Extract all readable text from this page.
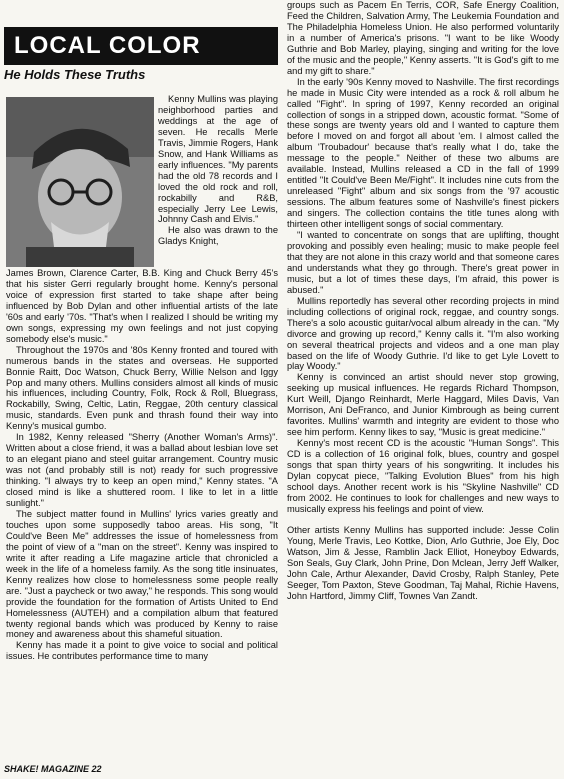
LOCAL COLOR
He Holds These Truths

Kenny Mullins was playing neighborhood parties and weddings at the age of seven. He recalls Merle Travis, Jimmie Rogers, Hank Snow, and Hank Williams as early influences. "My parents had the old 78 records and I loved the old rock and roll, rockabilly and R&B, especially Jerry Lee Lewis, Johnny Cash and Elvis."

He also was drawn to the Gladys Knight,

James Brown, Clarence Carter, B.B. King and Chuck Berry 45's that his sister Gerri regularly brought home. Kenny's personal voice of expression first started to take shape after being influenced by Bob Dylan and other influential artists of the late '60s and early '70s. "That's when I realized I should be writing my own songs, expressing my own feelings and not just copying somebody else's music."

Throughout the 1970s and '80s Kenny fronted and toured with numerous bands in the states and overseas. He supported Bonnie Raitt, Doc Watson, Chuck Berry, Willie Nelson and Iggy Pop and many others. Mullins considers almost all kinds of music his influences, including Country, Folk, Rock & Roll, Bluegrass, Rockabilly, Swing, Celtic, Latin, Reggae, 20th century classical music, standards. Even punk and thrash found their way into Kenny's musical gumbo.

In 1982, Kenny released "Sherry (Another Woman's Arms)". Written about a close friend, it was a ballad about lesbian love set to an elegant piano and steel guitar arrangement. Country music was not (and probably still is not) ready for such progressive thinking. "I always try to keep an open mind," Kenny states. "A closed mind is like a shuttered room. I like to let in a little sunlight."

The subject matter found in Mullins' lyrics varies greatly and touches upon some supposedly taboo areas. His song, "It Could've Been Me" addresses the issue of homelessness from the point of view of a "man on the street". Kenny was inspired to write it after reading a Life magazine article that chronicled a week in the life of a homeless family. As the song title insinuates, Kenny realizes how close to homelessness some people really are. "Just a paycheck or two away," he responds. This song would provide the foundation for the formation of Artists United to End Homelessness (AUTEH) and a compilation album that featured twenty regional bands which was produced by Kenny to raise money and awareness about this shameful situation.

Kenny has made it a point to give voice to social and political issues. He contributes performance time to many

groups such as Pacem En Terris, COR, Safe Energy Coalition, Feed the Children, Salvation Army, The Leukemia Foundation and The Philadelphia Homeless Union. He also performed voluntarily in a number of America's prisons. "I want to be like Woody Guthrie and Bob Marley, playing, singing and writing for the love of the music and the people," Kenny asserts. "It is God's gift to me and my gift to share."

In the early '90s Kenny moved to Nashville. The first recordings he made in Music City were intended as a rock & roll album he called "Fight". In spring of 1997, Kenny recorded an original collection of songs in a stripped down, acoustic format. "Some of these songs are twenty years old and I wanted to capture them before I moved on and forgot all about 'em. I almost called the album 'Troubadour' because that's really what I do, take the message to the people." Neither of these two albums are available. Instead, Mullins released a CD in the fall of 1999 entitled "It Could've Been Me/Fight". It includes nine cuts from the unreleased "Fight" album and six songs from the '97 acoustic sessions. The album features some of Nashville's finest pickers and singers. The collection contains the title tunes along with thirteen other intelligent songs of social commentary.

"I wanted to concentrate on songs that are uplifting, thought provoking and possibly even healing; music to make people feel that they are not alone in this crazy world and that someone cares and understands what they go through. There's great power in music, but a lot of times these days, I'm afraid, this power is abused."

Mullins reportedly has several other recording projects in mind including collections of original rock, reggae, and country songs. There's a solo acoustic guitar/vocal album already in the can. "My divorce and growing up record," Kenny calls it. "I'm also working on several theatrical projects and videos and a one man play based on the life of Woody Guthrie. I'd like to get Lyle Lovett to play Woody."

Kenny is convinced an artist should never stop growing, seeking up musical influences. He regards Richard Thompson, Kurt Weill, Django Reinhardt, Merle Haggard, Miles Davis, Van Morrison, Ani DeFranco, and Junior Kimbrough as being current favorites. Mullins' warmth and integrity are evident to those who see him perform. Kenny likes to say, "Music is great medicine."

Kenny's most recent CD is the acoustic "Human Songs". This CD is a collection of 16 original folk, blues, country and gospel songs that span thirty years of his songwriting. It includes his Dylan copycat piece, "Talking Evolution Blues" from his high school days. Another recent work is his "Skyline Nashville" CD from 2002. He continues to look for challenges and new ways to musically express his feelings and point of view.

Other artists Kenny Mullins has supported include: Jesse Colin Young, Merle Travis, Leo Kottke, Dion, Arlo Guthrie, Joe Ely, Doc Watson, Jim & Jesse, Ramblin Jack Elliot, Honeyboy Edwards, Son Seals, Guy Clark, John Prine, Don Mclean, Jerry Jeff Walker, John Cale, Arthur Alexander, David Crosby, Ralph Stanley, Pete Seeger, Tom Paxton, Steve Goodman, Taj Mahal, Richie Havens, John Hartford, Jimmy Cliff, Townes Van Zandt.

SHAKE! MAGAZINE 22
